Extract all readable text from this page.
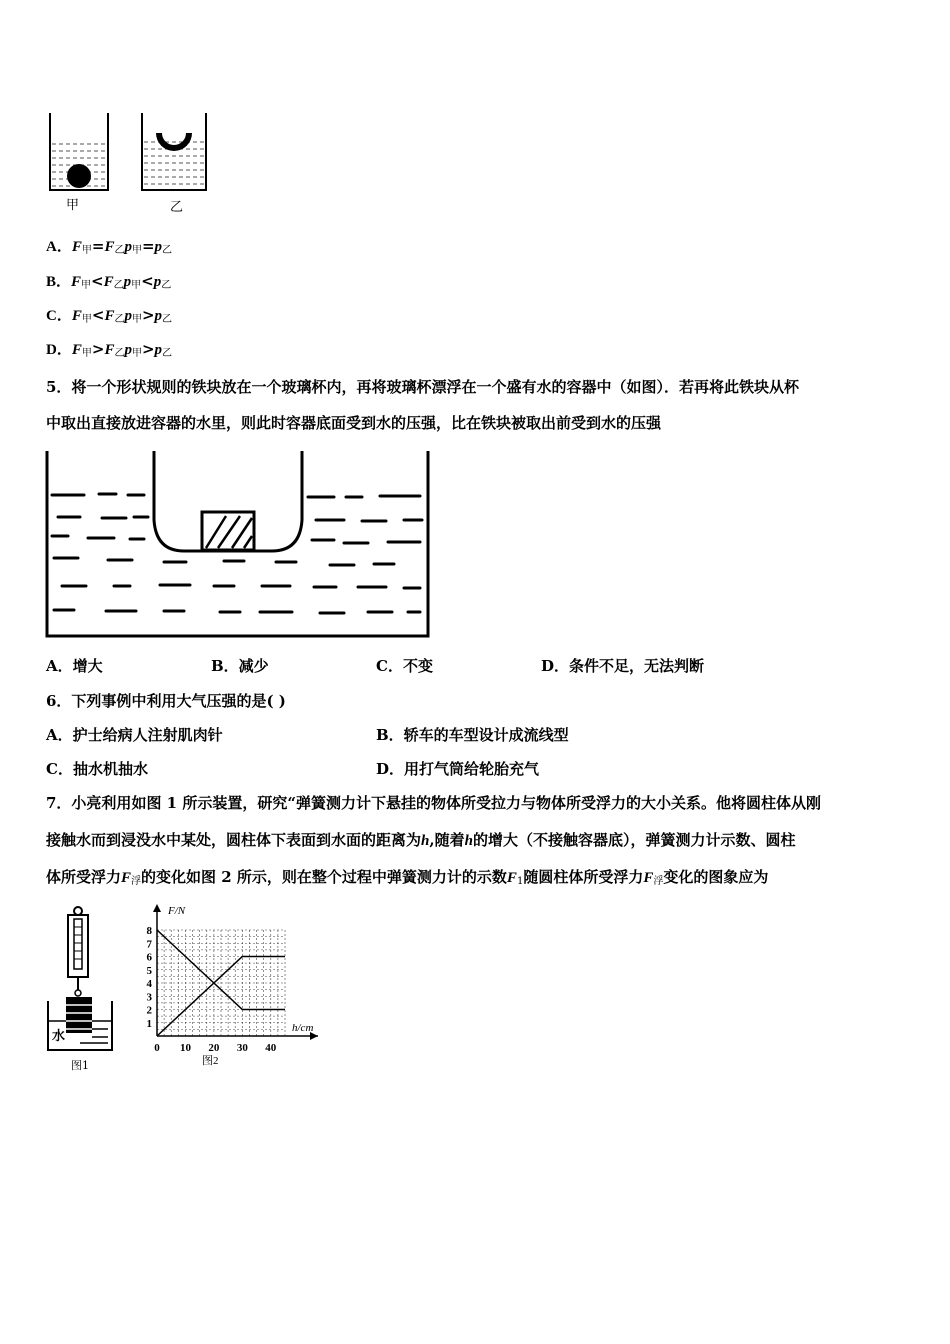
甲	乙
A．$F_甲=F_乙p_甲=p_乙$
B．$F_甲<F_乙p_甲<p_乙$
C．$F_甲<F_乙p_甲>p_乙$
D．$F_甲>F_乙p_甲>p_乙$
5．将一个形状规则的铁块放在一个玻璃杯内，再将玻璃杯漂浮在一个盛有水的容器中（如图）．若再将此铁块从杯
中取出直接放进容器的水里，则此时容器底面受到水的压强，比在铁块被取出前受到水的压强
A．增大	B．减少	C．不变	D．条件不足，无法判断
6．下列事例中利用大气压强的是( )
A．护士给病人注射肌肉针	B．轿车的车型设计成流线型
C．抽水机抽水	D．用打气筒给轮胎充气
7．小亮利用如图 1 所示装置，研究“弹簧测力计下悬挂的物体所受拉力与物体所受浮力的大小关系。他将圆柱体从刚
接触水而到浸没水中某处，圆柱体下表面到水面的距离为h,随着h的增大（不接触容器底），弹簧测力计示数、圆柱
体所受浮力$F_浮$的变化如图 2 所示，则在整个过程中弹簧测力计的示数$F_1$随圆柱体所受浮力$F_浮$变化的图象应为
水
图1
1
2
3
4
5
6
7
8
0 10 20 30 40
F/N
h/cm
图2
